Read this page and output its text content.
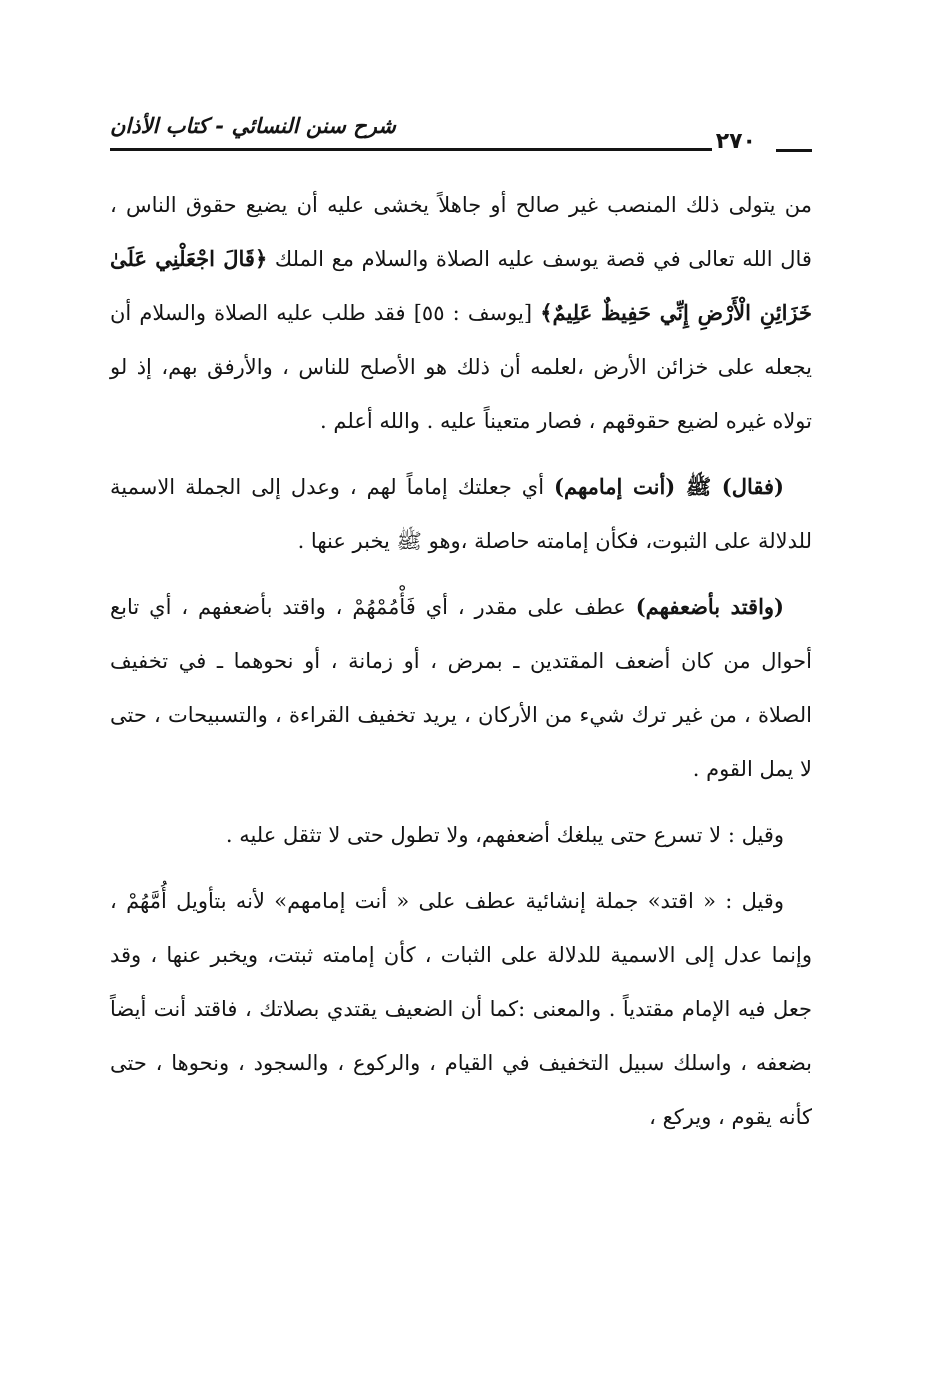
شرح سنن النسائي - كتاب الأذان
٢٧٠

من يتولى ذلك المنصب غير صالح أو جاهلاً يخشى عليه أن يضيع حقوق الناس ، قال الله تعالى في قصة يوسف عليه الصلاة والسلام مع الملك ﴿قَالَ اجْعَلْنِي عَلَىٰ خَزَائِنِ الْأَرْضِ إِنِّي حَفِيظٌ عَلِيمٌ﴾ [يوسف : ٥٥] فقد طلب عليه الصلاة والسلام أن يجعله على خزائن الأرض ،لعلمه أن ذلك هو الأصلح للناس ، والأرفق بهم، إذ لو تولاه غيره لضيع حقوقهم ، فصار متعيناً عليه . والله أعلم .

(فقال) ﷺ (أنت إمامهم) أي جعلتك إماماً لهم ، وعدل إلى الجملة الاسمية للدلالة على الثبوت، فكأن إمامته حاصلة ،وهو ﷺ يخبر عنها .

(واقتد بأضعفهم) عطف على مقدر ، أي فَأْمُمْهُمْ ، واقتد بأضعفهم ، أي تابع أحوال من كان أضعف المقتدين ـ بمرض ، أو زمانة ، أو نحوهما ـ في تخفيف الصلاة ، من غير ترك شيء من الأركان ، يريد تخفيف القراءة ، والتسبيحات ، حتى لا يمل القوم .

وقيل : لا تسرع حتى يبلغك أضعفهم، ولا تطول حتى لا تثقل عليه .

وقيل : « اقتد» جملة إنشائية عطف على « أنت إمامهم» لأنه بتأويل أُمَّهُمْ ، وإنما عدل إلى الاسمية للدلالة على الثبات ، كأن إمامته ثبتت، ويخبر عنها ، وقد جعل فيه الإمام مقتدياً . والمعنى :كما أن الضعيف يقتدي بصلاتك ، فاقتد أنت أيضاً بضعفه ، واسلك سبيل التخفيف في القيام ، والركوع ، والسجود ، ونحوها ، حتى كأنه يقوم ، ويركع ،
